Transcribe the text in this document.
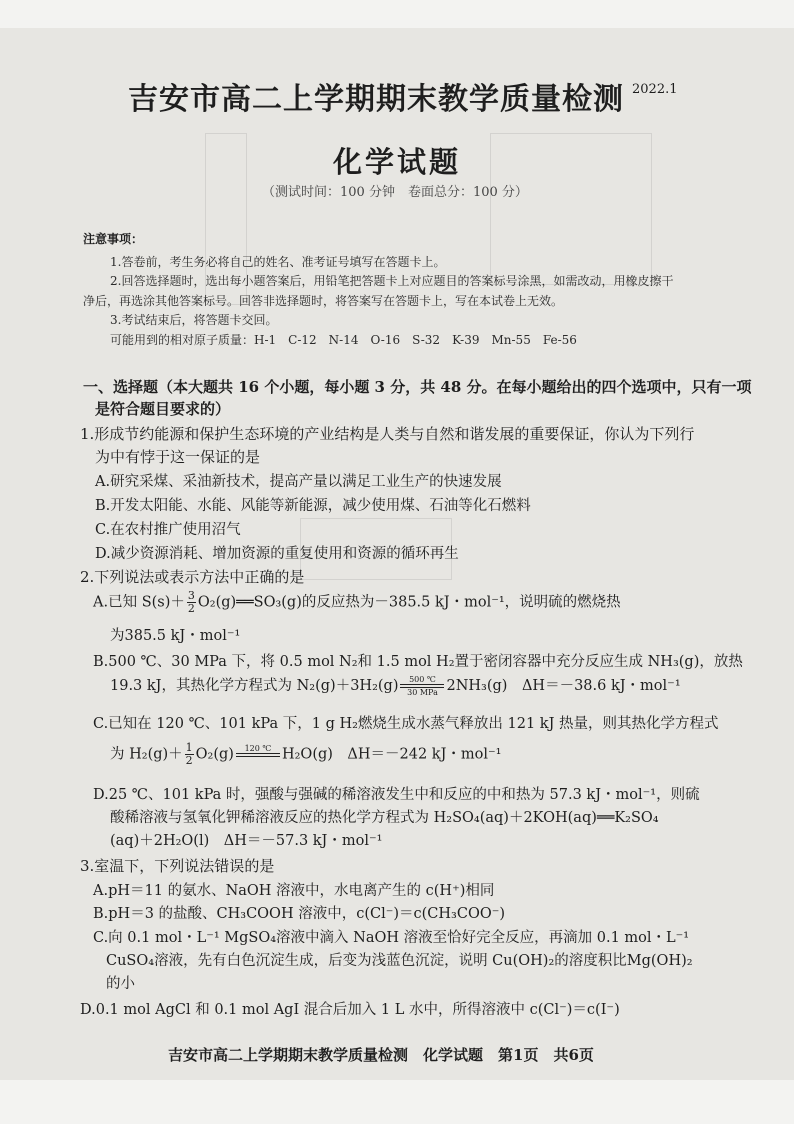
吉安市高二上学期期末教学质量检测 2022.1
化学试题
（测试时间：100 分钟　卷面总分：100 分）
注意事项：
1.答卷前，考生务必将自己的姓名、准考证号填写在答题卡上。
2.回答选择题时，选出每小题答案后，用铅笔把答题卡上对应题目的答案标号涂黑，如需改动，用橡皮擦干
净后，再选涂其他答案标号。回答非选择题时，将答案写在答题卡上，写在本试卷上无效。
3.考试结束后，将答题卡交回。
可能用到的相对原子质量：H-1　C-12　N-14　O-16　S-32　K-39　Mn-55　Fe-56
一、选择题（本大题共 16 个小题，每小题 3 分，共 48 分。在每小题给出的四个选项中，只有一项
是符合题目要求的）
1.形成节约能源和保护生态环境的产业结构是人类与自然和谐发展的重要保证，你认为下列行
为中有悖于这一保证的是
A.研究采煤、采油新技术，提高产量以满足工业生产的快速发展
B.开发太阳能、水能、风能等新能源，减少使用煤、石油等化石燃料
C.在农村推广使用沼气
D.减少资源消耗、增加资源的重复使用和资源的循环再生
2.下列说法或表示方法中正确的是
A.已知 $S(s)+ \frac{3}{2}$ O₂(g)══SO₃(g)的反应热为－385.5 kJ・mol⁻¹，说明硫的燃烧热
为385.5 kJ・mol⁻¹
B.500 ℃、30 MPa 下，将 0.5 mol N₂和 1.5 mol H₂置于密闭容器中充分反应生成 NH₃(g)，放热
19.3 kJ，其热化学方程式为 N₂(g)＋3H₂(g)	500 ℃
30 MPa 2NH₃(g)　ΔH＝－38.6 kJ・mol⁻¹
C.已知在 120 ℃、101 kPa 下，1 g H₂燃烧生成水蒸气释放出 121 kJ 热量，则其热化学方程式
为 $H_2(g)+ \frac{1}{2} O_2(g)$	120 ℃
H₂O(g)　ΔH＝－242 kJ・mol⁻¹
D.25 ℃、101 kPa 时，强酸与强碱的稀溶液发生中和反应的中和热为 57.3 kJ・mol⁻¹，则硫
酸稀溶液与氢氧化钾稀溶液反应的热化学方程式为 H₂SO₄(aq)＋2KOH(aq)══K₂SO₄
(aq)＋2H₂O(l)　ΔH＝－57.3 kJ・mol⁻¹
3.室温下，下列说法错误的是
A.pH＝11 的氨水、NaOH 溶液中，水电离产生的 c(H⁺)相同
B.pH＝3 的盐酸、CH₃COOH 溶液中，c(Cl⁻)＝c(CH₃COO⁻)
C.向 0.1 mol・L⁻¹ MgSO₄溶液中滴入 NaOH 溶液至恰好完全反应，再滴加 0.1 mol・L⁻¹
CuSO₄溶液，先有白色沉淀生成，后变为浅蓝色沉淀，说明 Cu(OH)₂的溶度积比Mg(OH)₂
的小
D.0.1 mol AgCl 和 0.1 mol AgI 混合后加入 1 L 水中，所得溶液中 c(Cl⁻)＝c(I⁻)
吉安市高二上学期期末教学质量检测　化学试题　第1页　共6页
